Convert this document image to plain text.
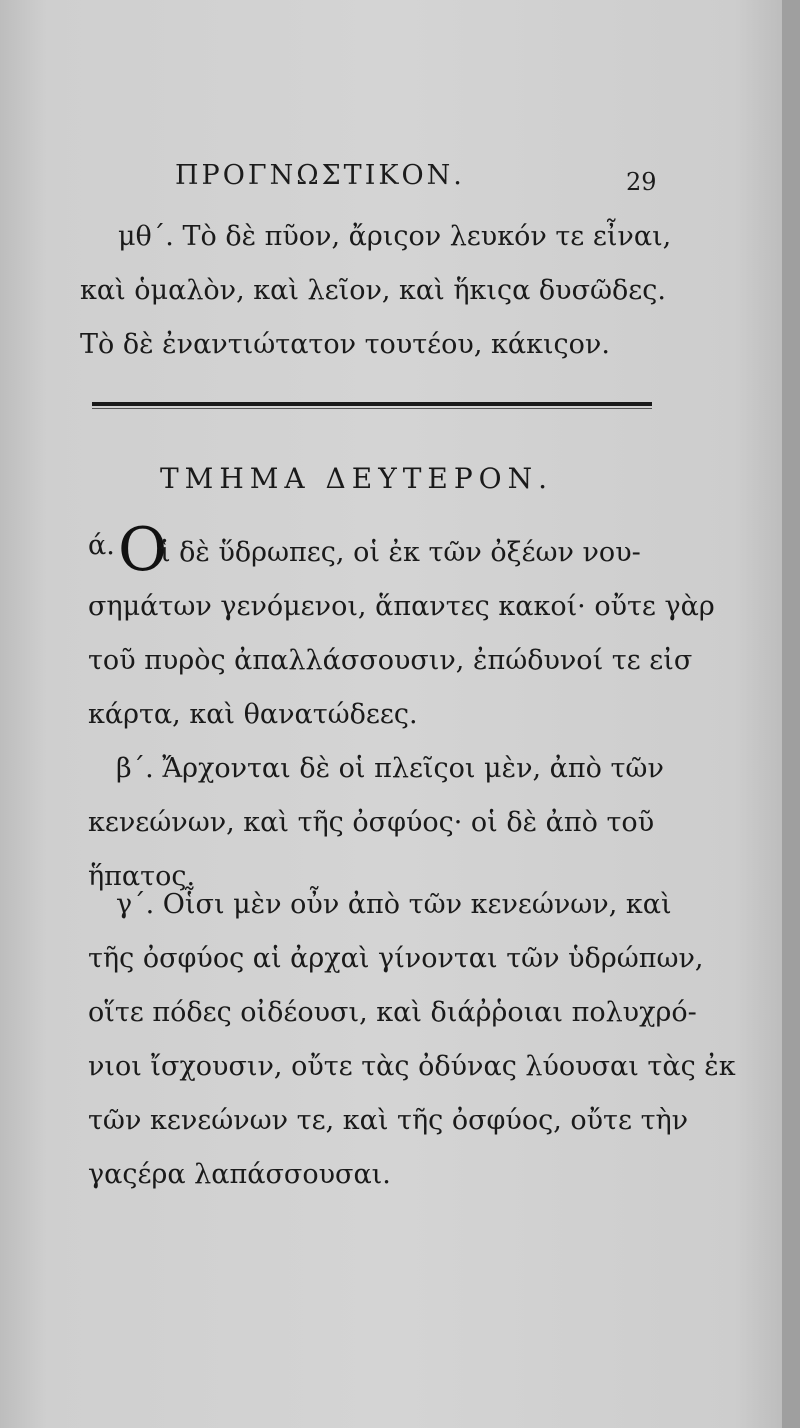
ΠΡΟΓΝΩΣΤΙΚΟΝ.	29
μθ΄. Τὸ δὲ πῦον, ἄριςον λευκόν τε εἶναι,
καὶ ὁμαλὸν, καὶ λεῖον, καὶ ἥκιςα δυσῶδες.
Τὸ δὲ ἐναντιώτατον τουτέου, κάκιςον.
ΤΜΗΜΑ ΔΕΥΤΕΡΟΝ.
ά. Ο
ἱ δὲ ὕδρωπες, οἱ ἐκ τῶν ὀξέων νου-
σημάτων γενόμενοι, ἅπαντες κακοί· οὔτε γὰρ
τοῦ πυρὸς ἀπαλλάσσουσιν, ἐπώδυνοί τε εἰσ
κάρτα, καὶ θανατώδεες.
β΄. Ἄρχονται δὲ οἱ πλεῖςοι μὲν, ἀπὸ τῶν
κενεώνων, καὶ τῆς ὀσφύος· οἱ δὲ ἀπὸ τοῦ
ἥπατος.
γ΄. Οἷσι μὲν οὖν ἀπὸ τῶν κενεώνων, καὶ
τῆς ὀσφύος αἱ ἀρχαὶ γίνονται τῶν ὑδρώπων,
οἵτε πόδες οἰδέουσι, καὶ διάῤῥοιαι πολυχρό-
νιοι ἴσχουσιν, οὔτε τὰς ὀδύνας λύουσαι τὰς ἐκ
τῶν κενεώνων τε, καὶ τῆς ὀσφύος, οὔτε τὴν
γαςέρα λαπάσσουσαι.
